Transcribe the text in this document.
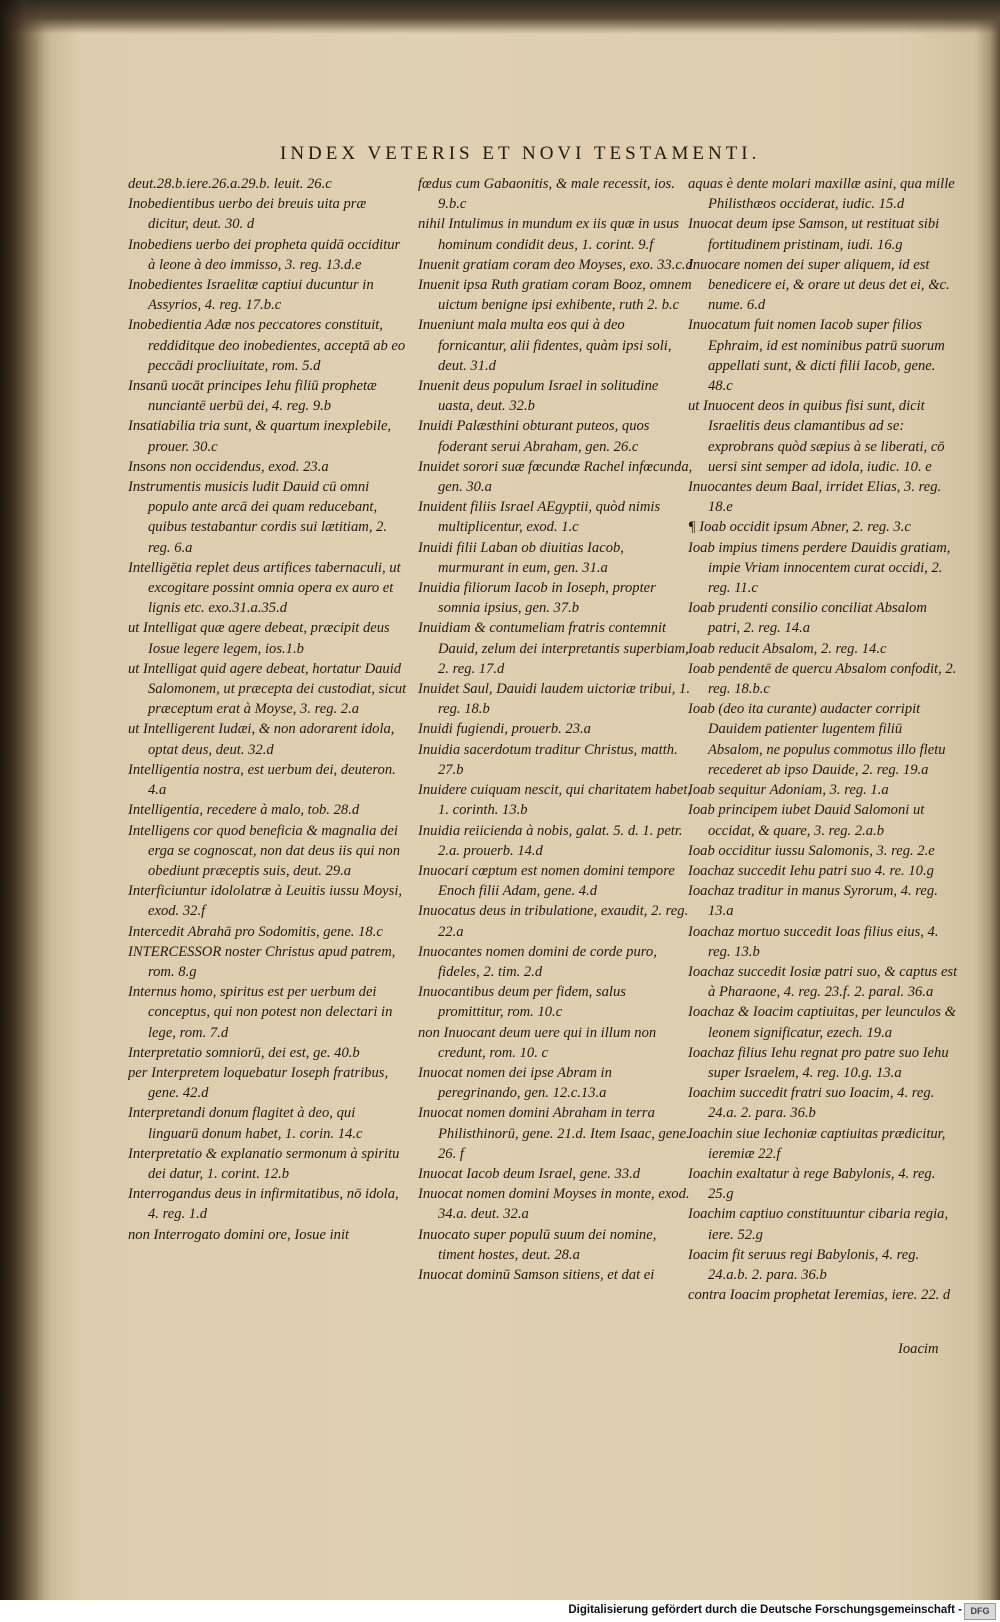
INDEX VETERIS ET NOVI TESTAMENTI.

deut.28.b.iere.26.a.29.b. leuit. 26.c

Inobedientibus uerbo dei breuis uita præ dicitur, deut. 30. d

Inobediens uerbo dei propheta quidā occiditur à leone à deo immisso, 3. reg. 13.d.e

Inobedientes Israelitæ captiui ducuntur in Assyrios, 4. reg. 17.b.c

Inobedientia Adæ nos peccatores constituit, reddiditque deo inobedientes, acceptā ab eo peccādi procliuitate, rom. 5.d

Insanū uocāt principes Iehu filiū prophetæ nunciantē uerbū dei, 4. reg. 9.b

Insatiabilia tria sunt, & quartum inexplebile, prouer. 30.c

Insons non occidendus, exod. 23.a

Instrumentis musicis ludit Dauid cū omni populo ante arcā dei quam reducebant, quibus testabantur cordis sui lætitiam, 2. reg. 6.a

Intelligētia replet deus artifices tabernaculi, ut excogitare possint omnia opera ex auro et lignis etc. exo.31.a.35.d

ut Intelligat quæ agere debeat, præcipit deus Iosue legere legem, ios.1.b

ut Intelligat quid agere debeat, hortatur Dauid Salomonem, ut præcepta dei custodiat, sicut præceptum erat à Moyse, 3. reg. 2.a

ut Intelligerent Iudæi, & non adorarent idola, optat deus, deut. 32.d

Intelligentia nostra, est uerbum dei, deuteron. 4.a

Intelligentia, recedere à malo, tob. 28.d

Intelligens cor quod beneficia & magnalia dei erga se cognoscat, non dat deus iis qui non obediunt præceptis suis, deut. 29.a

Interficiuntur idololatræ à Leuitis iussu Moysi, exod. 32.f

Intercedit Abrahā pro Sodomitis, gene. 18.c

INTERCESSOR noster Christus apud patrem, rom. 8.g

Internus homo, spiritus est per uerbum dei conceptus, qui non potest non delectari in lege, rom. 7.d

Interpretatio somniorū, dei est, ge. 40.b

per Interpretem loquebatur Ioseph fratribus, gene. 42.d

Interpretandi donum flagitet à deo, qui linguarū donum habet, 1. corin. 14.c

Interpretatio & explanatio sermonum à spiritu dei datur, 1. corint. 12.b

Interrogandus deus in infirmitatibus, nō idola, 4. reg. 1.d

non Interrogato domini ore, Iosue init

fœdus cum Gabaonitis, & male recessit, ios. 9.b.c

nihil Intulimus in mundum ex iis quæ in usus hominum condidit deus, 1. corint. 9.f

Inuenit gratiam coram deo Moyses, exo. 33.c.d

Inuenit ipsa Ruth gratiam coram Booz, omnem uictum benigne ipsi exhibente, ruth 2. b.c

Inueniunt mala multa eos qui à deo fornicantur, alii fidentes, quàm ipsi soli, deut. 31.d

Inuenit deus populum Israel in solitudine uasta, deut. 32.b

Inuidi Palæsthini obturant puteos, quos foderant serui Abraham, gen. 26.c

Inuidet sorori suæ fœcundæ Rachel infœcunda, gen. 30.a

Inuident filiis Israel AEgyptii, quòd nimis multiplicentur, exod. 1.c

Inuidi filii Laban ob diuitias Iacob, murmurant in eum, gen. 31.a

Inuidia filiorum Iacob in Ioseph, propter somnia ipsius, gen. 37.b

Inuidiam & contumeliam fratris contemnit Dauid, zelum dei interpretantis superbiam, 2. reg. 17.d

Inuidet Saul, Dauidi laudem uictoriæ tribui, 1. reg. 18.b

Inuidi fugiendi, prouerb. 23.a

Inuidia sacerdotum traditur Christus, matth. 27.b

Inuidere cuiquam nescit, qui charitatem habet, 1. corinth. 13.b

Inuidia reiicienda à nobis, galat. 5. d. 1. petr. 2.a. prouerb. 14.d

Inuocari cœptum est nomen domini tempore Enoch filii Adam, gene. 4.d

Inuocatus deus in tribulatione, exaudit, 2. reg. 22.a

Inuocantes nomen domini de corde puro, fideles, 2. tim. 2.d

Inuocantibus deum per fidem, salus promittitur, rom. 10.c

non Inuocant deum uere qui in illum non credunt, rom. 10. c

Inuocat nomen dei ipse Abram in peregrinando, gen. 12.c.13.a

Inuocat nomen domini Abraham in terra Philisthinorū, gene. 21.d. Item Isaac, gene. 26. f

Inuocat Iacob deum Israel, gene. 33.d

Inuocat nomen domini Moyses in monte, exod. 34.a. deut. 32.a

Inuocato super populū suum dei nomine, timent hostes, deut. 28.a

Inuocat dominū Samson sitiens, et dat ei

aquas è dente molari maxillæ asini, qua mille Philisthæos occiderat, iudic. 15.d

Inuocat deum ipse Samson, ut restituat sibi fortitudinem pristinam, iudi. 16.g

Inuocare nomen dei super aliquem, id est benedicere ei, & orare ut deus det ei, &c. nume. 6.d

Inuocatum fuit nomen Iacob super filios Ephraim, id est nominibus patrū suorum appellati sunt, & dicti filii Iacob, gene. 48.c

ut Inuocent deos in quibus fisi sunt, dicit Israelitis deus clamantibus ad se: exprobrans quòd sæpius à se liberati, cō uersi sint semper ad idola, iudic. 10. e

Inuocantes deum Baal, irridet Elias, 3. reg. 18.e

¶ Ioab occidit ipsum Abner, 2. reg. 3.c

Ioab impius timens perdere Dauidis gratiam, impie Vriam innocentem curat occidi, 2. reg. 11.c

Ioab prudenti consilio conciliat Absalom patri, 2. reg. 14.a

Ioab reducit Absalom, 2. reg. 14.c

Ioab pendentē de quercu Absalom confodit, 2. reg. 18.b.c

Ioab (deo ita curante) audacter corripit Dauidem patienter lugentem filiū Absalom, ne populus commotus illo fletu recederet ab ipso Dauide, 2. reg. 19.a

Ioab sequitur Adoniam, 3. reg. 1.a

Ioab principem iubet Dauid Salomoni ut occidat, & quare, 3. reg. 2.a.b

Ioab occiditur iussu Salomonis, 3. reg. 2.e

Ioachaz succedit Iehu patri suo 4. re. 10.g

Ioachaz traditur in manus Syrorum, 4. reg. 13.a

Ioachaz mortuo succedit Ioas filius eius, 4. reg. 13.b

Ioachaz succedit Iosiæ patri suo, & captus est à Pharaone, 4. reg. 23.f. 2. paral. 36.a

Ioachaz & Ioacim captiuitas, per leunculos & leonem significatur, ezech. 19.a

Ioachaz filius Iehu regnat pro patre suo Iehu super Israelem, 4. reg. 10.g. 13.a

Ioachim succedit fratri suo Ioacim, 4. reg. 24.a. 2. para. 36.b

Ioachin siue Iechoniæ captiuitas prædicitur, ieremiæ 22.f

Ioachin exaltatur à rege Babylonis, 4. reg. 25.g

Ioachim captiuo constituuntur cibaria regia, iere. 52.g

Ioacim fit seruus regi Babylonis, 4. reg. 24.a.b. 2. para. 36.b

contra Ioacim prophetat Ieremias, iere. 22. d

Ioacim
Digitalisierung gefördert durch die Deutsche Forschungsgemeinschaft - DFG
